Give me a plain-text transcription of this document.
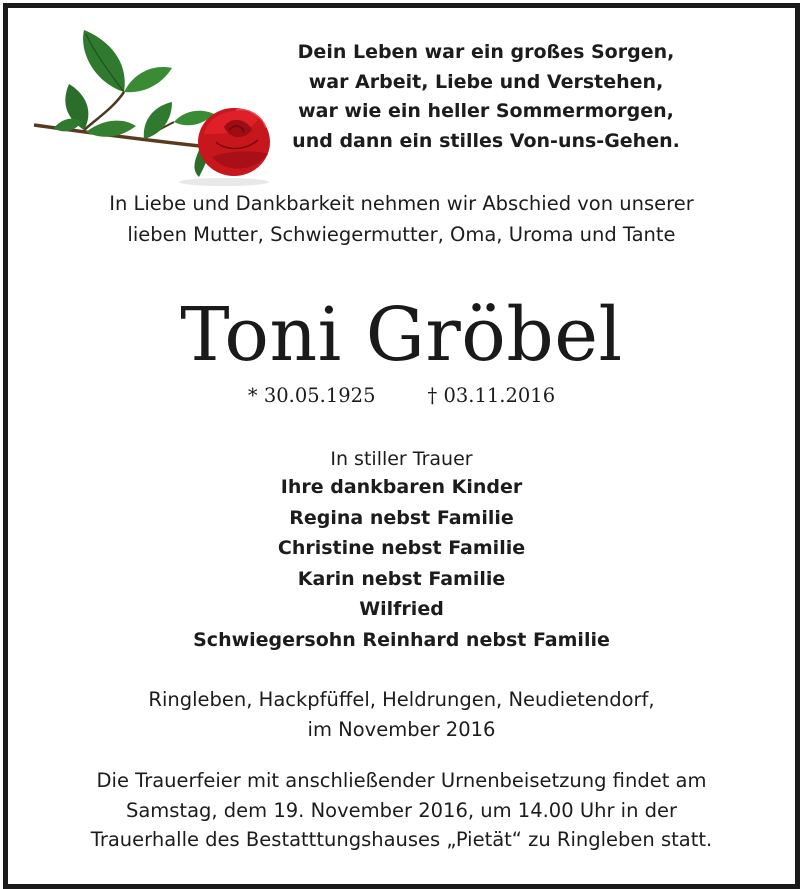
Dein Leben war ein großes Sorgen,
war Arbeit, Liebe und Verstehen,
war wie ein heller Sommermorgen,
und dann ein stilles Von-uns-Gehen.
In Liebe und Dankbarkeit nehmen wir Abschied von unserer
lieben Mutter, Schwiegermutter, Oma, Uroma und Tante
Toni Gröbel
* 30.05.1925	† 03.11.2016
In stiller Trauer
Ihre dankbaren Kinder
Regina nebst Familie
Christine nebst Familie
Karin nebst Familie
Wilfried
Schwiegersohn Reinhard nebst Familie
Ringleben, Hackpfüffel, Heldrungen, Neudietendorf,
im November 2016
Die Trauerfeier mit anschließender Urnenbeisetzung findet am
Samstag, dem 19. November 2016, um 14.00 Uhr in der
Trauerhalle des Bestatttungshauses „Pietät“ zu Ringleben statt.
